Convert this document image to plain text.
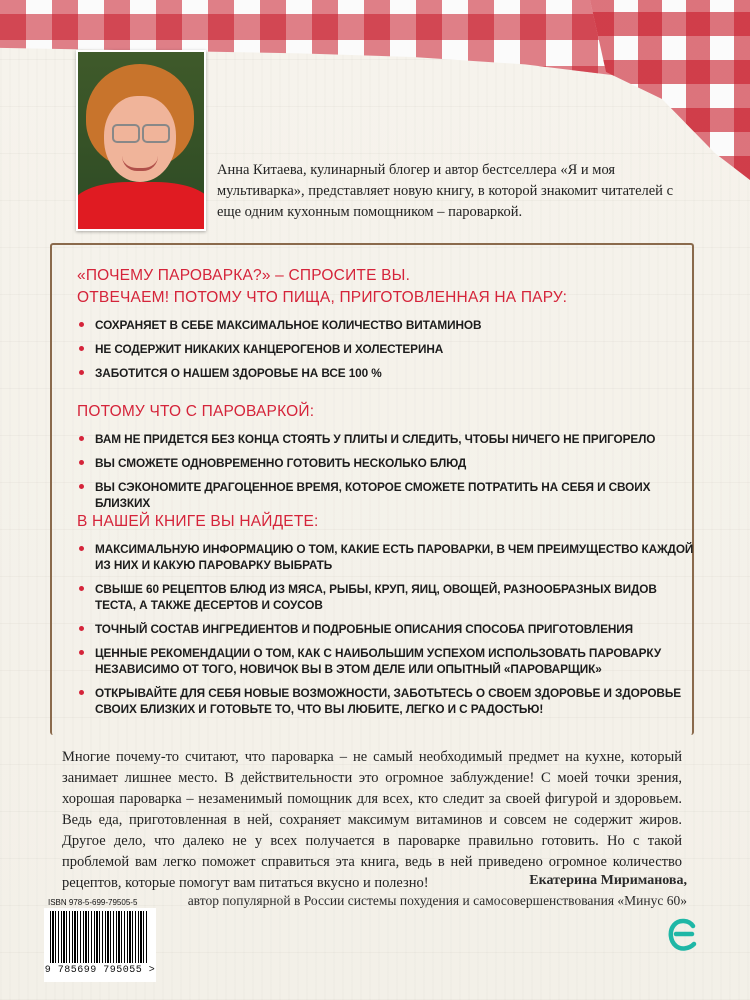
Анна Китаева, кулинарный блогер и автор бестселлера «Я и моя мультиварка», представляет новую книгу, в которой знакомит читателей с еще одним кухонным помощником – пароваркой.
«ПОЧЕМУ ПАРОВАРКА?» – СПРОСИТЕ ВЫ.
ОТВЕЧАЕМ! ПОТОМУ ЧТО ПИЩА, ПРИГОТОВЛЕННАЯ НА ПАРУ:
СОХРАНЯЕТ В СЕБЕ МАКСИМАЛЬНОЕ КОЛИЧЕСТВО ВИТАМИНОВ
НЕ СОДЕРЖИТ НИКАКИХ КАНЦЕРОГЕНОВ И ХОЛЕСТЕРИНА
ЗАБОТИТСЯ О НАШЕМ ЗДОРОВЬЕ НА ВСЕ 100 %
ПОТОМУ ЧТО С ПАРОВАРКОЙ:
ВАМ НЕ ПРИДЕТСЯ БЕЗ КОНЦА СТОЯТЬ У ПЛИТЫ И СЛЕДИТЬ, ЧТОБЫ НИЧЕГО НЕ ПРИГОРЕЛО
ВЫ СМОЖЕТЕ ОДНОВРЕМЕННО ГОТОВИТЬ НЕСКОЛЬКО БЛЮД
ВЫ СЭКОНОМИТЕ ДРАГОЦЕННОЕ ВРЕМЯ, КОТОРОЕ СМОЖЕТЕ ПОТРАТИТЬ НА СЕБЯ И СВОИХ БЛИЗКИХ
В НАШЕЙ КНИГЕ ВЫ НАЙДЕТЕ:
МАКСИМАЛЬНУЮ ИНФОРМАЦИЮ О ТОМ, КАКИЕ ЕСТЬ ПАРОВАРКИ, В ЧЕМ ПРЕИМУЩЕСТВО КАЖДОЙ ИЗ НИХ И КАКУЮ ПАРОВАРКУ ВЫБРАТЬ
СВЫШЕ 60 РЕЦЕПТОВ БЛЮД ИЗ МЯСА, РЫБЫ, КРУП, ЯИЦ, ОВОЩЕЙ, РАЗНООБРАЗНЫХ ВИДОВ ТЕСТА, А ТАКЖЕ ДЕСЕРТОВ И СОУСОВ
ТОЧНЫЙ СОСТАВ ИНГРЕДИЕНТОВ И ПОДРОБНЫЕ ОПИСАНИЯ СПОСОБА ПРИГОТОВЛЕНИЯ
ЦЕННЫЕ РЕКОМЕНДАЦИИ О ТОМ, КАК С НАИБОЛЬШИМ УСПЕХОМ ИСПОЛЬЗОВАТЬ ПАРОВАРКУ НЕЗАВИСИМО ОТ ТОГО, НОВИЧОК ВЫ В ЭТОМ ДЕЛЕ ИЛИ ОПЫТНЫЙ «ПАРОВАРЩИК»
ОТКРЫВАЙТЕ ДЛЯ СЕБЯ НОВЫЕ ВОЗМОЖНОСТИ, ЗАБОТЬТЕСЬ О СВОЕМ ЗДОРОВЬЕ И ЗДОРОВЬЕ СВОИХ БЛИЗКИХ И ГОТОВЬТЕ ТО, ЧТО ВЫ ЛЮБИТЕ, ЛЕГКО И С РАДОСТЬЮ!
Многие почему-то считают, что пароварка – не самый необходимый предмет на кухне, который занимает лишнее место. В действительности это огромное заблуждение! С моей точки зрения, хорошая пароварка – незаменимый помощник для всех, кто следит за своей фигурой и здоровьем. Ведь еда, приготовленная в ней, сохраняет максимум витаминов и совсем не содержит жиров. Другое дело, что далеко не у всех получается в пароварке правильно готовить. Но с такой проблемой вам легко поможет справиться эта книга, ведь в ней приведено огромное количество рецептов, которые помогут вам питаться вкусно и полезно!	Екатерина Мириманова,
автор популярной в России системы похудения и самосовершенствования «Минус 60»
ISBN 978-5-699-79505-5
9 785699 795055 >
